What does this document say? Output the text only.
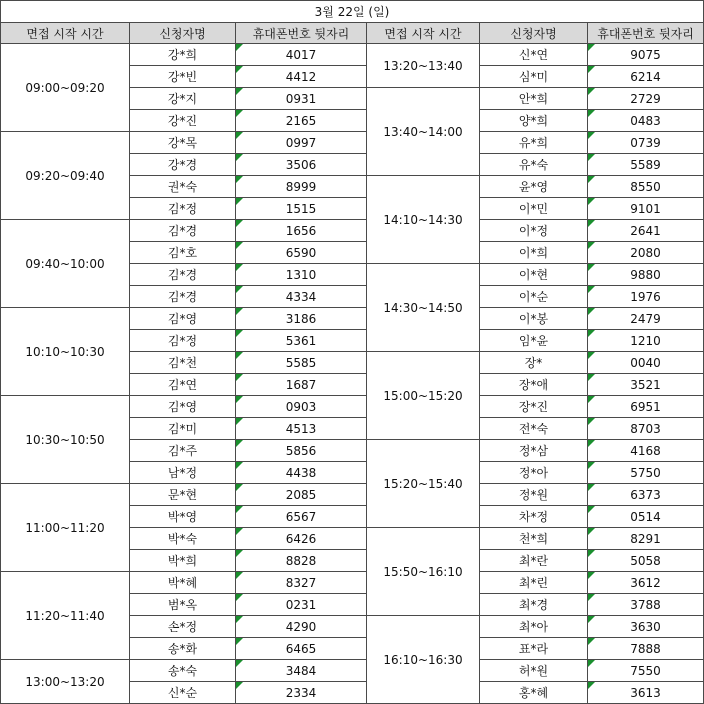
3월 22일 (일)					
면접 시작 시간	신청자명	휴대폰번호 뒷자리	면접 시작 시간	신청자명	휴대폰번호 뒷자리
09:00~09:20	강*희	4017	13:20~13:40	신*연	9075
	강*빈	4412		심*미	6214
	강*지	0931	13:40~14:00	안*희	2729
	강*진	2165		양*희	0483
09:20~09:40	강*목	0997		유*희	0739
	강*경	3506		유*숙	5589
	권*숙	8999	14:10~14:30	윤*영	8550
	김*정	1515		이*민	9101
09:40~10:00	김*경	1656		이*정	2641
	김*호	6590		이*희	2080
	김*경	1310	14:30~14:50	이*현	9880
	김*경	4334		이*순	1976
10:10~10:30	김*영	3186		이*봉	2479
	김*정	5361		임*윤	1210
	김*천	5585	15:00~15:20	장*	0040
	김*연	1687		장*애	3521
10:30~10:50	김*영	0903		장*진	6951
	김*미	4513		전*숙	8703
	김*주	5856	15:20~15:40	정*삼	4168
	남*정	4438		정*아	5750
11:00~11:20	문*현	2085		정*원	6373
	박*영	6567		차*정	0514
	박*숙	6426	15:50~16:10	천*희	8291
	박*희	8828		최*란	5058
11:20~11:40	박*혜	8327		최*린	3612
	범*옥	0231		최*경	3788
	손*정	4290	16:10~16:30	최*아	3630
	송*화	6465		표*라	7888
13:00~13:20	송*숙	3484		허*원	7550
	신*순	2334		홍*혜	3613
